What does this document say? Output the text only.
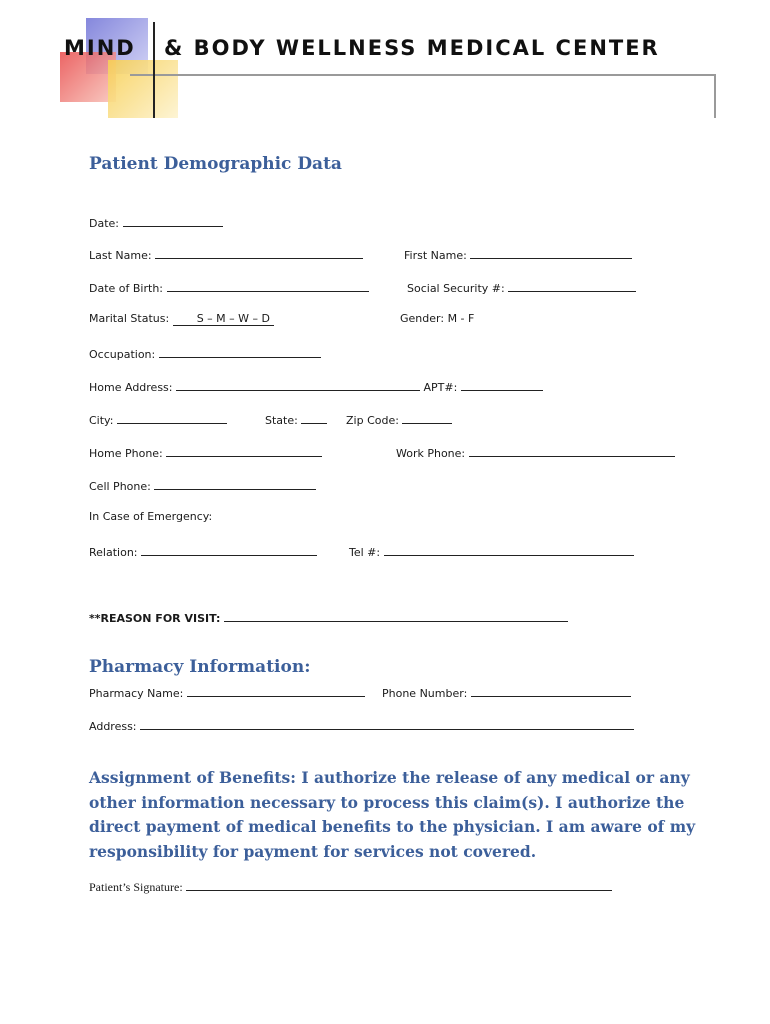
MIND & BODY WELLNESS MEDICAL CENTER
Patient Demographic Data
Date:
Last Name:	First Name:
Date of Birth:	Social Security #:
Marital Status:	S – M – W – D	Gender: M - F
Occupation:
Home Address:	APT#:
City:	State:	Zip Code:
Home Phone:	Work Phone:
Cell Phone:
In Case of Emergency:
Relation:	Tel #:
**REASON FOR VISIT:
Pharmacy Information:
Pharmacy Name:	Phone Number:
Address:

Assignment of Benefits: I authorize the release of any medical or any other information necessary to process this claim(s). I authorize the direct payment of medical benefits to the physician. I am aware of my responsibility for payment for services not covered.

Patient’s Signature:
